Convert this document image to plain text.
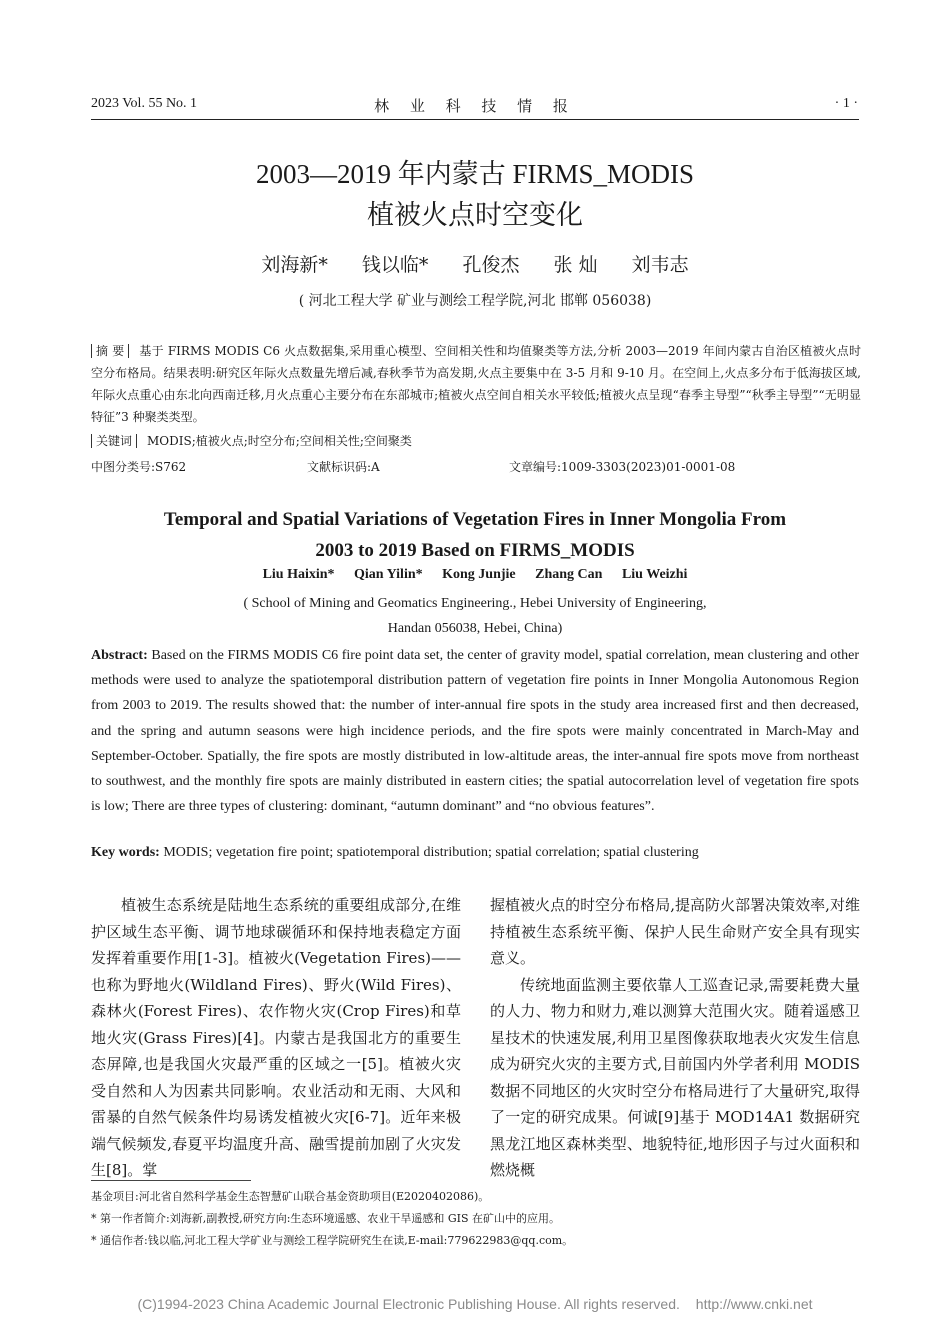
2023 Vol. 55 No. 1	林 业 科 技 情 报	· 1 ·
2003—2019 年内蒙古 FIRMS_MODIS
植被火点时空变化
刘海新* 钱以临* 孔俊杰 张 灿 刘韦志
( 河北工程大学 矿业与测绘工程学院,河北 邯郸 056038)
摘 要 基于 FIRMS MODIS C6 火点数据集,采用重心模型、空间相关性和均值聚类等方法,分析 2003—2019 年间内蒙古自治区植被火点时空分布格局。结果表明:研究区年际火点数量先增后减,春秋季节为高发期,火点主要集中在 3-5 月和 9-10 月。在空间上,火点多分布于低海拔区域,年际火点重心由东北向西南迁移,月火点重心主要分布在东部城市;植被火点空间自相关水平较低;植被火点呈现“春季主导型”“秋季主导型”“无明显特征”3 种聚类类型。
关键词 MODIS;植被火点;时空分布;空间相关性;空间聚类
中图分类号:S762	文献标识码:A	文章编号:1009-3303(2023)01-0001-08
Temporal and Spatial Variations of Vegetation Fires in Inner Mongolia From
2003 to 2019 Based on FIRMS_MODIS
Liu Haixin* Qian Yilin* Kong Junjie Zhang Can Liu Weizhi
( School of Mining and Geomatics Engineering., Hebei University of Engineering,
Handan 056038, Hebei, China)
Abstract: Based on the FIRMS MODIS C6 fire point data set, the center of gravity model, spatial correlation, mean clustering and other methods were used to analyze the spatiotemporal distribution pattern of vegetation fire points in Inner Mongolia Autonomous Region from 2003 to 2019. The results showed that: the number of inter-annual fire spots in the study area increased first and then decreased, and the spring and autumn seasons were high incidence periods, and the fire spots were mainly concentrated in March-May and September-October. Spatially, the fire spots are mostly distributed in low-altitude areas, the inter-annual fire spots move from northeast to southwest, and the monthly fire spots are mainly distributed in eastern cities; the spatial autocorrelation level of vegetation fire spots is low; There are three types of clustering: dominant, “autumn dominant” and “no obvious features”.
Key words: MODIS; vegetation fire point; spatiotemporal distribution; spatial correlation; spatial clustering
植被生态系统是陆地生态系统的重要组成部分,在维护区域生态平衡、调节地球碳循环和保持地表稳定方面发挥着重要作用[1-3]。植被火(Vegetation Fires)——也称为野地火(Wildland Fires)、野火(Wild Fires)、森林火(Forest Fires)、农作物火灾(Crop Fires)和草地火灾(Grass Fires)[4]。内蒙古是我国北方的重要生态屏障,也是我国火灾最严重的区域之一[5]。植被火灾受自然和人为因素共同影响。农业活动和无雨、大风和雷暴的自然气候条件均易诱发植被火灾[6-7]。近年来极端气候频发,春夏平均温度升高、融雪提前加剧了火灾发生[8]。掌
握植被火点的时空分布格局,提高防火部署决策效率,对维持植被生态系统平衡、保护人民生命财产安全具有现实意义。
传统地面监测主要依靠人工巡查记录,需要耗费大量的人力、物力和财力,难以测算大范围火灾。随着遥感卫星技术的快速发展,利用卫星图像获取地表火灾发生信息成为研究火灾的主要方式,目前国内外学者利用 MODIS 数据不同地区的火灾时空分布格局进行了大量研究,取得了一定的研究成果。何诚[9]基于 MOD14A1 数据研究黑龙江地区森林类型、地貌特征,地形因子与过火面积和燃烧概
基金项目:河北省自然科学基金生态智慧矿山联合基金资助项目(E2020402086)。
* 第一作者简介:刘海新,副教授,研究方向:生态环境遥感、农业干旱遥感和 GIS 在矿山中的应用。
* 通信作者:钱以临,河北工程大学矿业与测绘工程学院研究生在读,E-mail:779622983@qq.com。
(C)1994-2023 China Academic Journal Electronic Publishing House. All rights reserved. http://www.cnki.net
